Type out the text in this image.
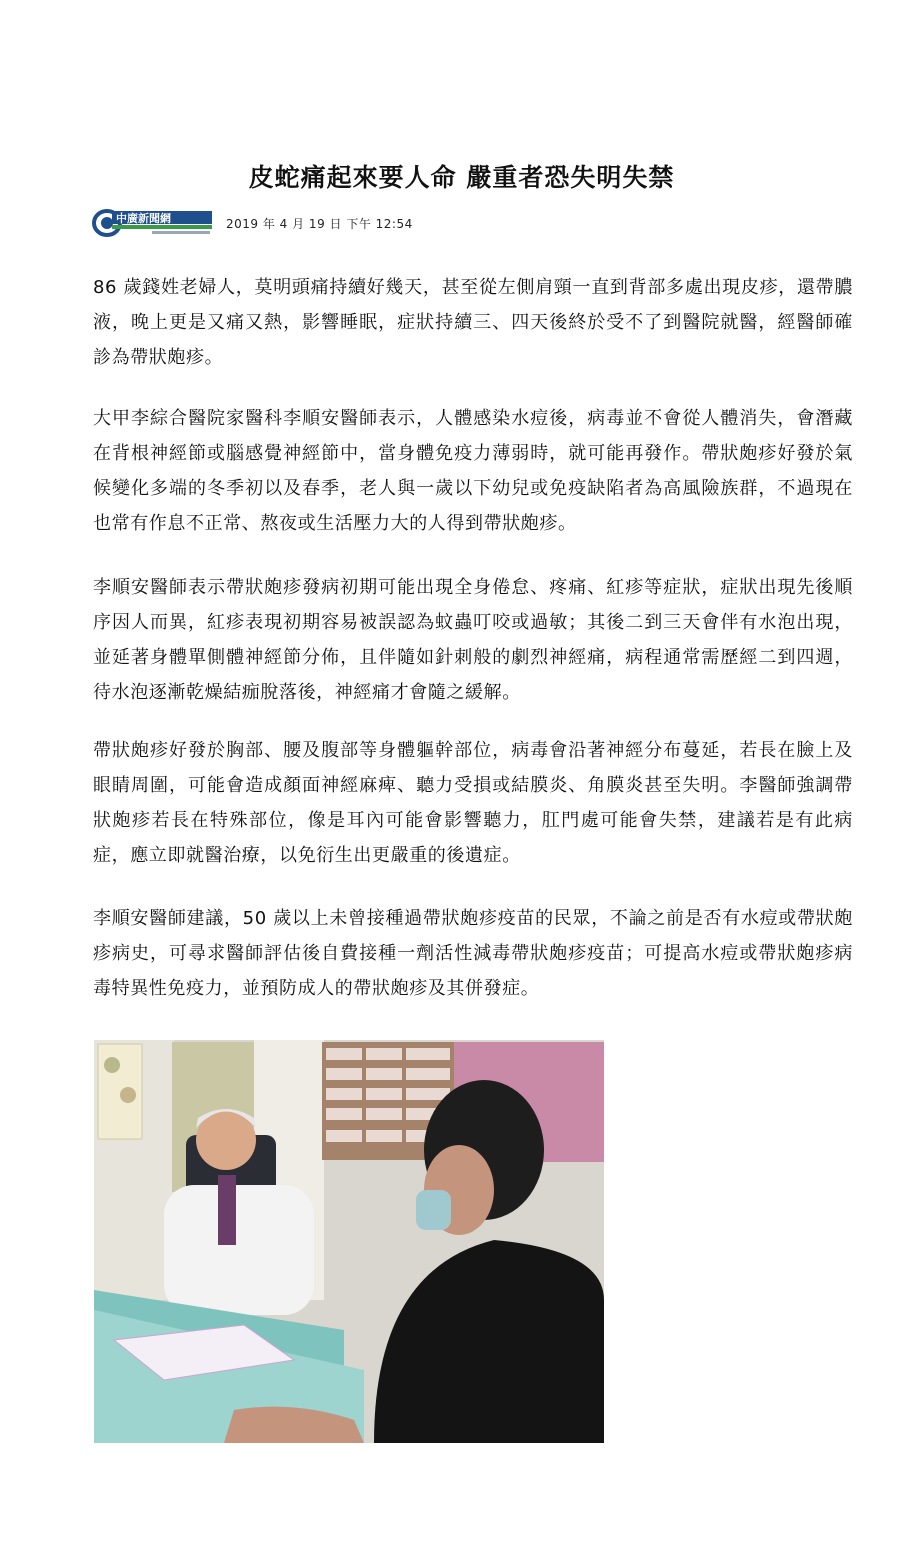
皮蛇痛起來要人命 嚴重者恐失明失禁
中廣新聞網	2019 年 4 月 19 日 下午 12:54

86 歲錢姓老婦人，莫明頭痛持續好幾天，甚至從左側肩頸一直到背部多處出現皮疹，還帶膿液，晚上更是又痛又熱，影響睡眠，症狀持續三、四天後終於受不了到醫院就醫，經醫師確診為帶狀皰疹。

大甲李綜合醫院家醫科李順安醫師表示，人體感染水痘後，病毒並不會從人體消失，會潛藏在背根神經節或腦感覺神經節中，當身體免疫力薄弱時，就可能再發作。帶狀皰疹好發於氣候變化多端的冬季初以及春季，老人與一歲以下幼兒或免疫缺陷者為高風險族群，不過現在也常有作息不正常、熬夜或生活壓力大的人得到帶狀皰疹。

李順安醫師表示帶狀皰疹發病初期可能出現全身倦怠、疼痛、紅疹等症狀，症狀出現先後順序因人而異，紅疹表現初期容易被誤認為蚊蟲叮咬或過敏；其後二到三天會伴有水泡出現，並延著身體單側體神經節分佈，且伴隨如針刺般的劇烈神經痛，病程通常需歷經二到四週，待水泡逐漸乾燥結痂脫落後，神經痛才會隨之緩解。

帶狀皰疹好發於胸部、腰及腹部等身體軀幹部位，病毒會沿著神經分布蔓延，若長在臉上及眼睛周圍，可能會造成顏面神經麻痺、聽力受損或結膜炎、角膜炎甚至失明。李醫師強調帶狀皰疹若長在特殊部位，像是耳內可能會影響聽力，肛門處可能會失禁，建議若是有此病症，應立即就醫治療，以免衍生出更嚴重的後遺症。

李順安醫師建議，50 歲以上未曾接種過帶狀皰疹疫苗的民眾，不論之前是否有水痘或帶狀皰疹病史，可尋求醫師評估後自費接種一劑活性減毒帶狀皰疹疫苗；可提高水痘或帶狀皰疹病毒特異性免疫力，並預防成人的帶狀皰疹及其併發症。
